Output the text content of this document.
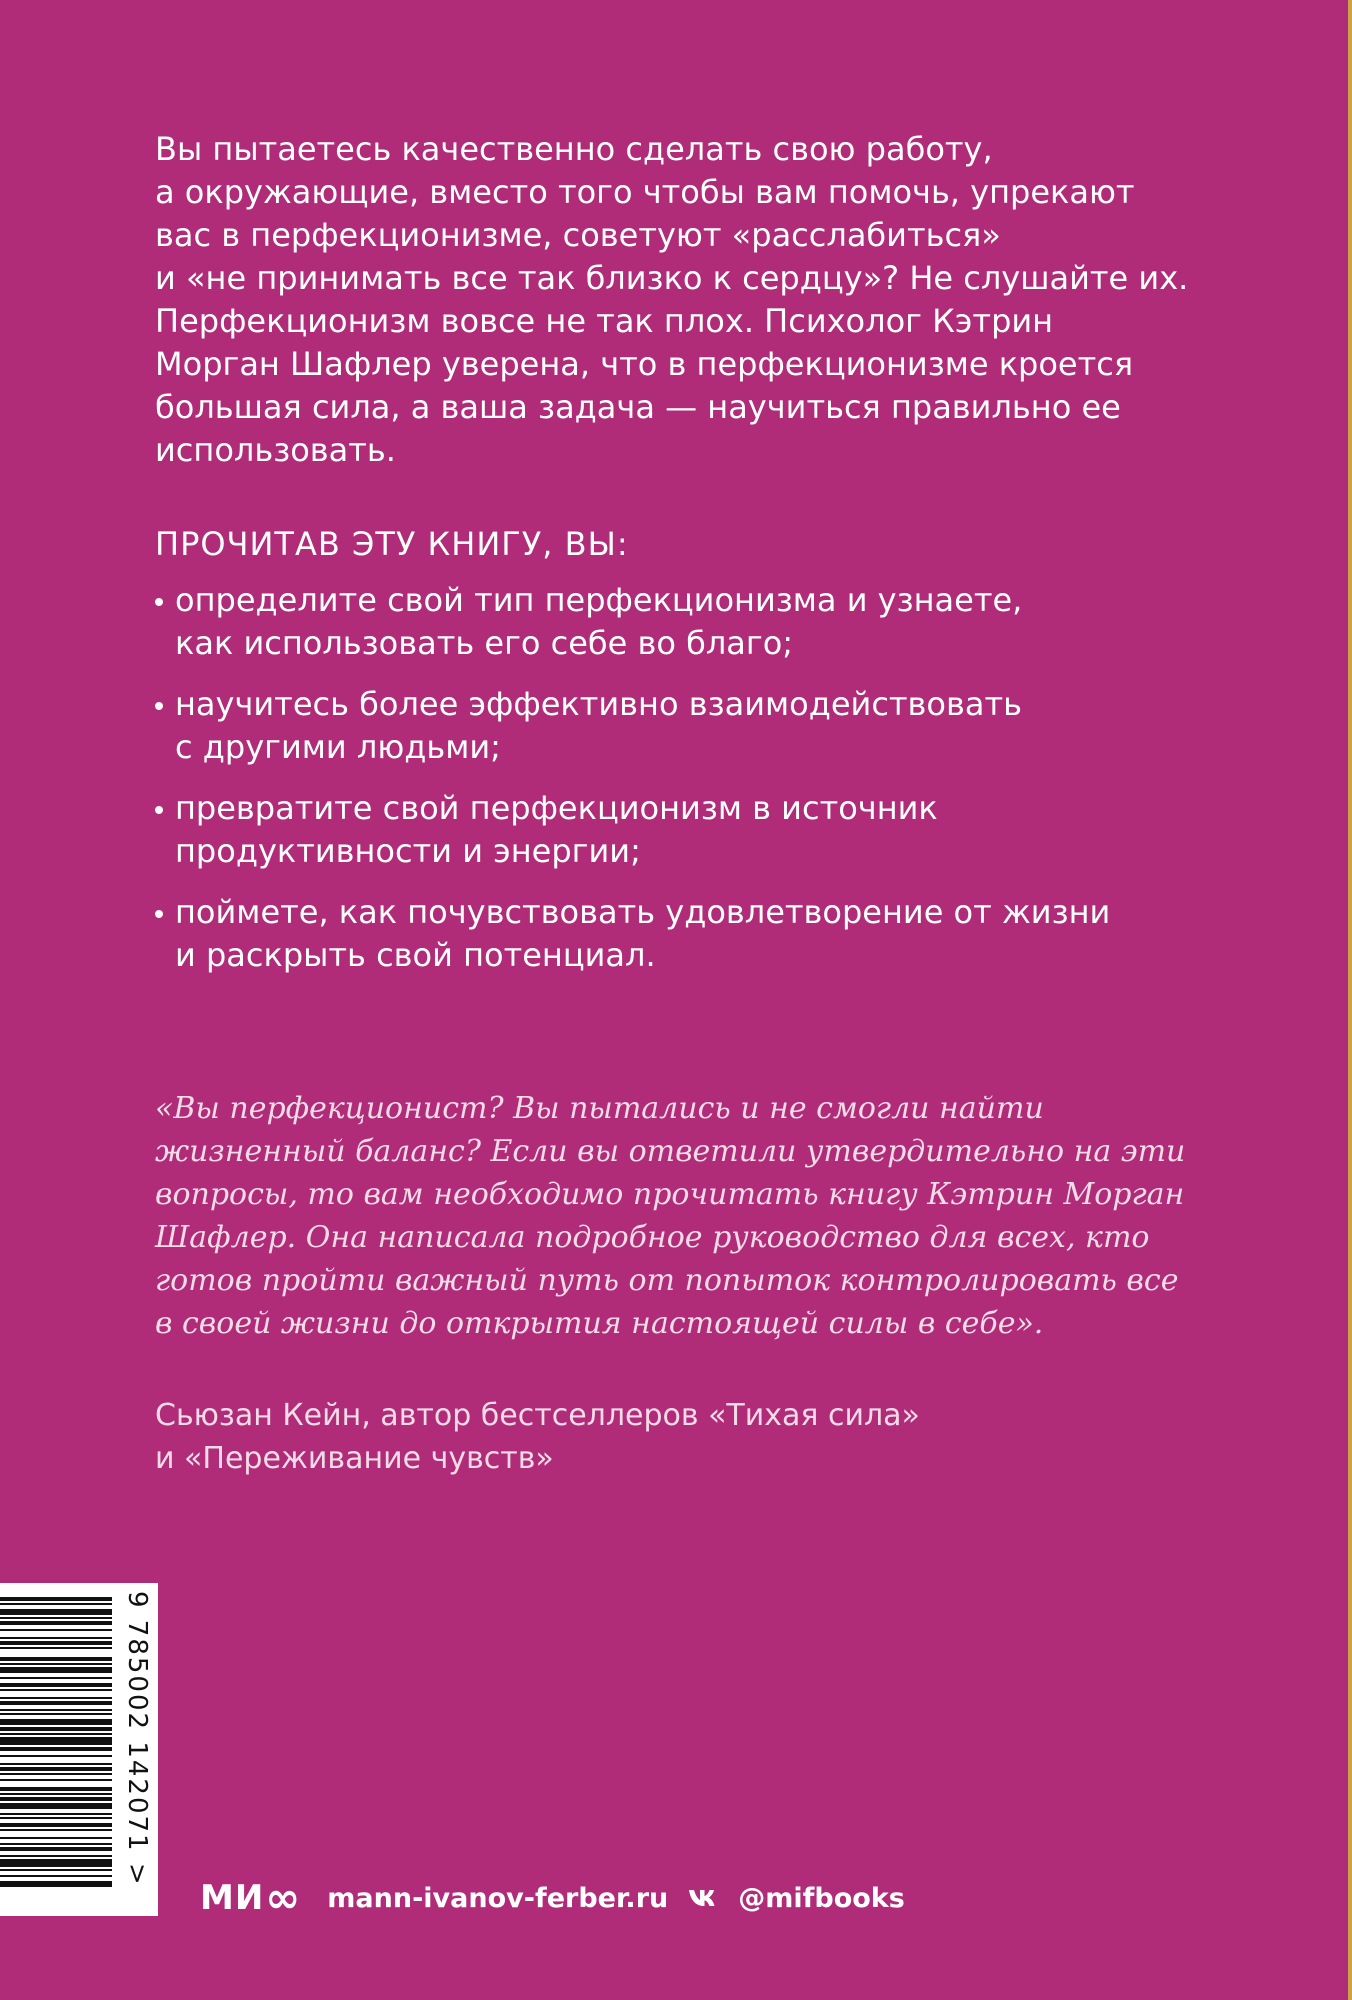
Вы пытаетесь качественно сделать свою работу,

а окружающие, вместо того чтобы вам помочь, упрекают

вас в перфекционизме, советуют «расслабиться»

и «не принимать все так близко к сердцу»? Не слушайте их.

Перфекционизм вовсе не так плох. Психолог Кэтрин

Морган Шафлер уверена, что в перфекционизме кроется

большая сила, а ваша задача — научиться правильно ее

использовать.

ПРОЧИТАВ ЭТУ КНИГУ, ВЫ:

определите свой тип перфекционизма и узнаете,

как использовать его себе во благо;

научитесь более эффективно взаимодействовать

с другими людьми;

превратите свой перфекционизм в источник

продуктивности и энергии;

поймете, как почувствовать удовлетворение от жизни

и раскрыть свой потенциал.

«Вы перфекционист? Вы пытались и не смогли найти

жизненный баланс? Если вы ответили утвердительно на эти

вопросы, то вам необходимо прочитать книгу Кэтрин Морган

Шафлер. Она написала подробное руководство для всех, кто

готов пройти важный путь от попыток контролировать все

в своей жизни до открытия настоящей силы в себе».

Сьюзан Кейн, автор бестселлеров «Тихая сила»

и «Переживание чувств»

9 785002 142071 >
МИ ∞ mann-ivanov-ferber.ru	@mifbooks
